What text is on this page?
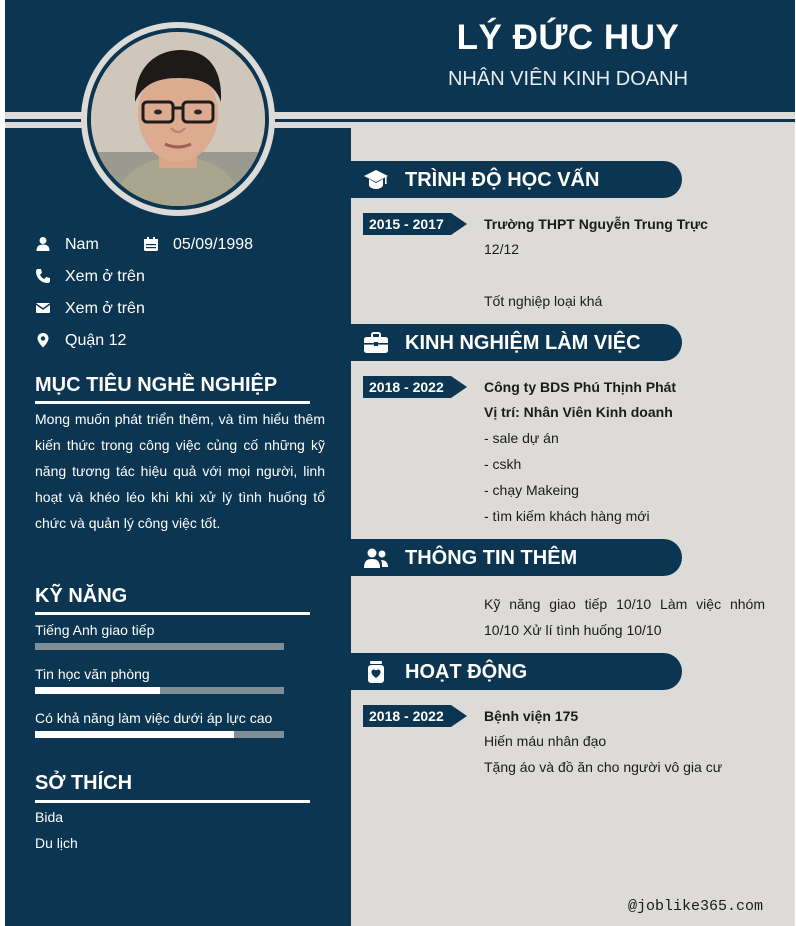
LÝ ĐỨC HUY
NHÂN VIÊN KINH DOANH
Nam	05/09/1998
Xem ở trên
Xem ở trên
Quận 12
MỤC TIÊU NGHỀ NGHIỆP
Mong muốn phát triển thêm, và tìm hiểu thêm kiến thức trong công việc củng cố những kỹ năng tương tác hiệu quả với mọi người, linh hoạt và khéo léo khi khi xử lý tình huống tổ chức và quản lý công việc tốt.
KỸ NĂNG
Tiếng Anh giao tiếp
Tin học văn phòng
Có khả năng làm việc dưới áp lực cao
SỞ THÍCH
Bida
Du lịch
TRÌNH ĐỘ HỌC VẤN
2015 - 2017	Trường THPT Nguyễn Trung Trực
12/12
Tốt nghiệp loại khá
KINH NGHIỆM LÀM VIỆC
2018 - 2022	Công ty BDS Phú Thịnh Phát
Vị trí: Nhân Viên Kinh doanh
- sale dự án
- cskh
- chạy Makeing
- tìm kiếm khách hàng mới
THÔNG TIN THÊM
Kỹ năng giao tiếp 10/10 Làm việc nhóm 10/10 Xử lí tình huống 10/10
HOẠT ĐỘNG
2018 - 2022	Bệnh viện 175
Hiến máu nhân đạo
Tặng áo và đồ ăn cho người vô gia cư
@joblike365.com
